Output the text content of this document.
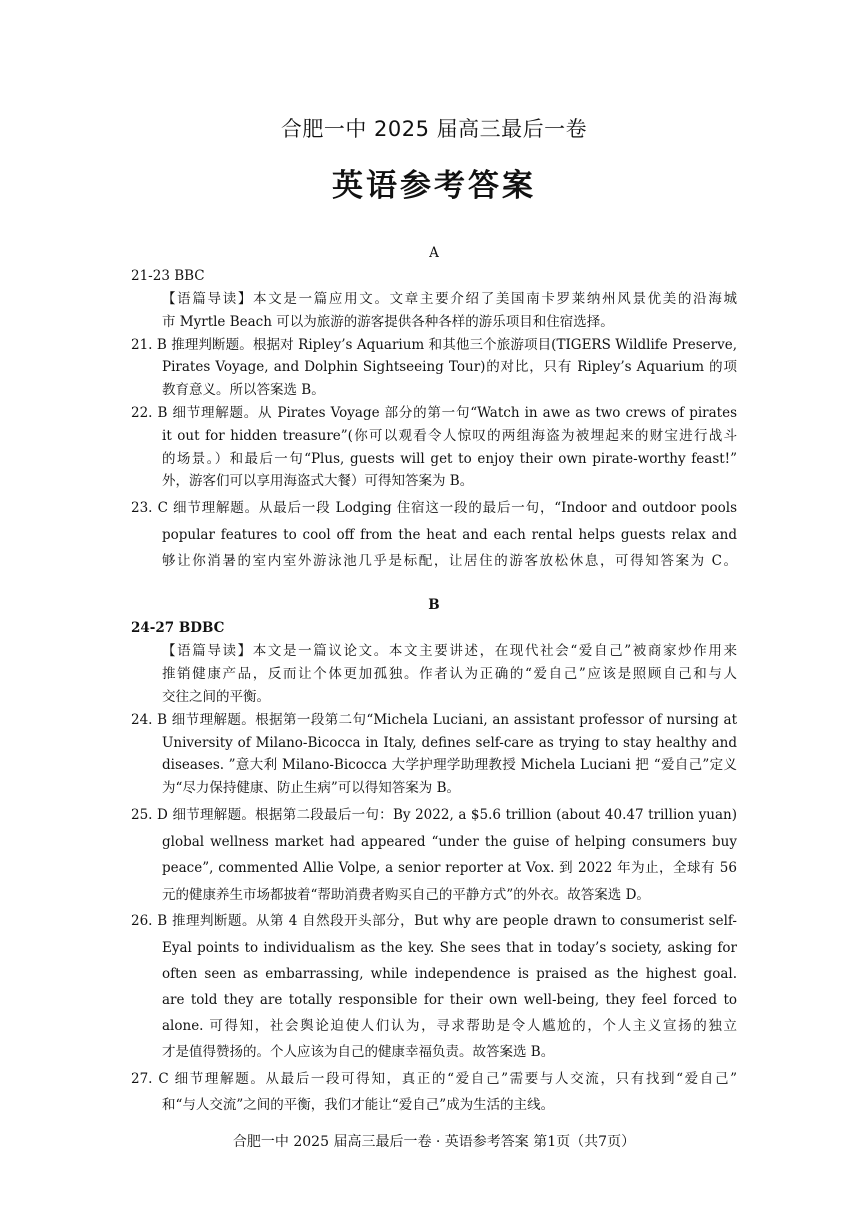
合肥一中 2025 届高三最后一卷
英语参考答案
A
21-23 BBC
【语篇导读】本文是一篇应用文。文章主要介绍了美国南卡罗莱纳州风景优美的沿海城
市 Myrtle Beach 可以为旅游的游客提供各种各样的游乐项目和住宿选择。
21. B 推理判断题。根据对 Ripley’s Aquarium 和其他三个旅游项目(TIGERS Wildlife Preserve,
Pirates Voyage, and Dolphin Sightseeing Tour)的对比，只有 Ripley’s Aquarium 的项
教育意义。所以答案选 B。
22. B 细节理解题。从 Pirates Voyage 部分的第一句“Watch in awe as two crews of pirates
it out for hidden treasure”(你可以观看令人惊叹的两组海盗为被埋起来的财宝进行战斗
的场景。）和最后一句“Plus, guests will get to enjoy their own pirate-worthy feast!”
外，游客们可以享用海盗式大餐）可得知答案为 B。
23. C 细节理解题。从最后一段 Lodging 住宿这一段的最后一句，“Indoor and outdoor pools
popular features to cool off from the heat and each rental helps guests relax and
够让你消暑的室内室外游泳池几乎是标配，让居住的游客放松休息，可得知答案为 C。
B
24-27 BDBC
【语篇导读】本文是一篇议论文。本文主要讲述，在现代社会“爱自己”被商家炒作用来
推销健康产品，反而让个体更加孤独。作者认为正确的“爱自己”应该是照顾自己和与人
交往之间的平衡。
24. B 细节理解题。根据第一段第二句“Michela Luciani, an assistant professor of nursing at
University of Milano-Bicocca in Italy, defines self-care as trying to stay healthy and
diseases. ”意大利 Milano-Bicocca 大学护理学助理教授 Michela Luciani 把 “爱自己”定义
为“尽力保持健康、防止生病”可以得知答案为 B。
25. D 细节理解题。根据第二段最后一句：By 2022, a $5.6 trillion (about 40.47 trillion yuan)
global wellness market had appeared “under the guise of helping consumers buy
peace”, commented Allie Volpe, a senior reporter at Vox. 到 2022 年为止，全球有 56
元的健康养生市场都披着“帮助消费者购买自己的平静方式”的外衣。故答案选 D。
26. B 推理判断题。从第 4 自然段开头部分，But why are people drawn to consumerist self-
Eyal points to individualism as the key. She sees that in today’s society, asking for
often seen as embarrassing, while independence is praised as the highest goal.
are told they are totally responsible for their own well-being, they feel forced to
alone. 可得知，社会舆论迫使人们认为，寻求帮助是令人尴尬的，个人主义宣扬的独立
才是值得赞扬的。个人应该为自己的健康幸福负责。故答案选 B。
27. C 细节理解题。从最后一段可得知，真正的“爱自己”需要与人交流，只有找到“爱自己”
和“与人交流”之间的平衡，我们才能让“爱自己”成为生活的主线。
合肥一中 2025 届高三最后一卷 · 英语参考答案 第1页（共7页）
